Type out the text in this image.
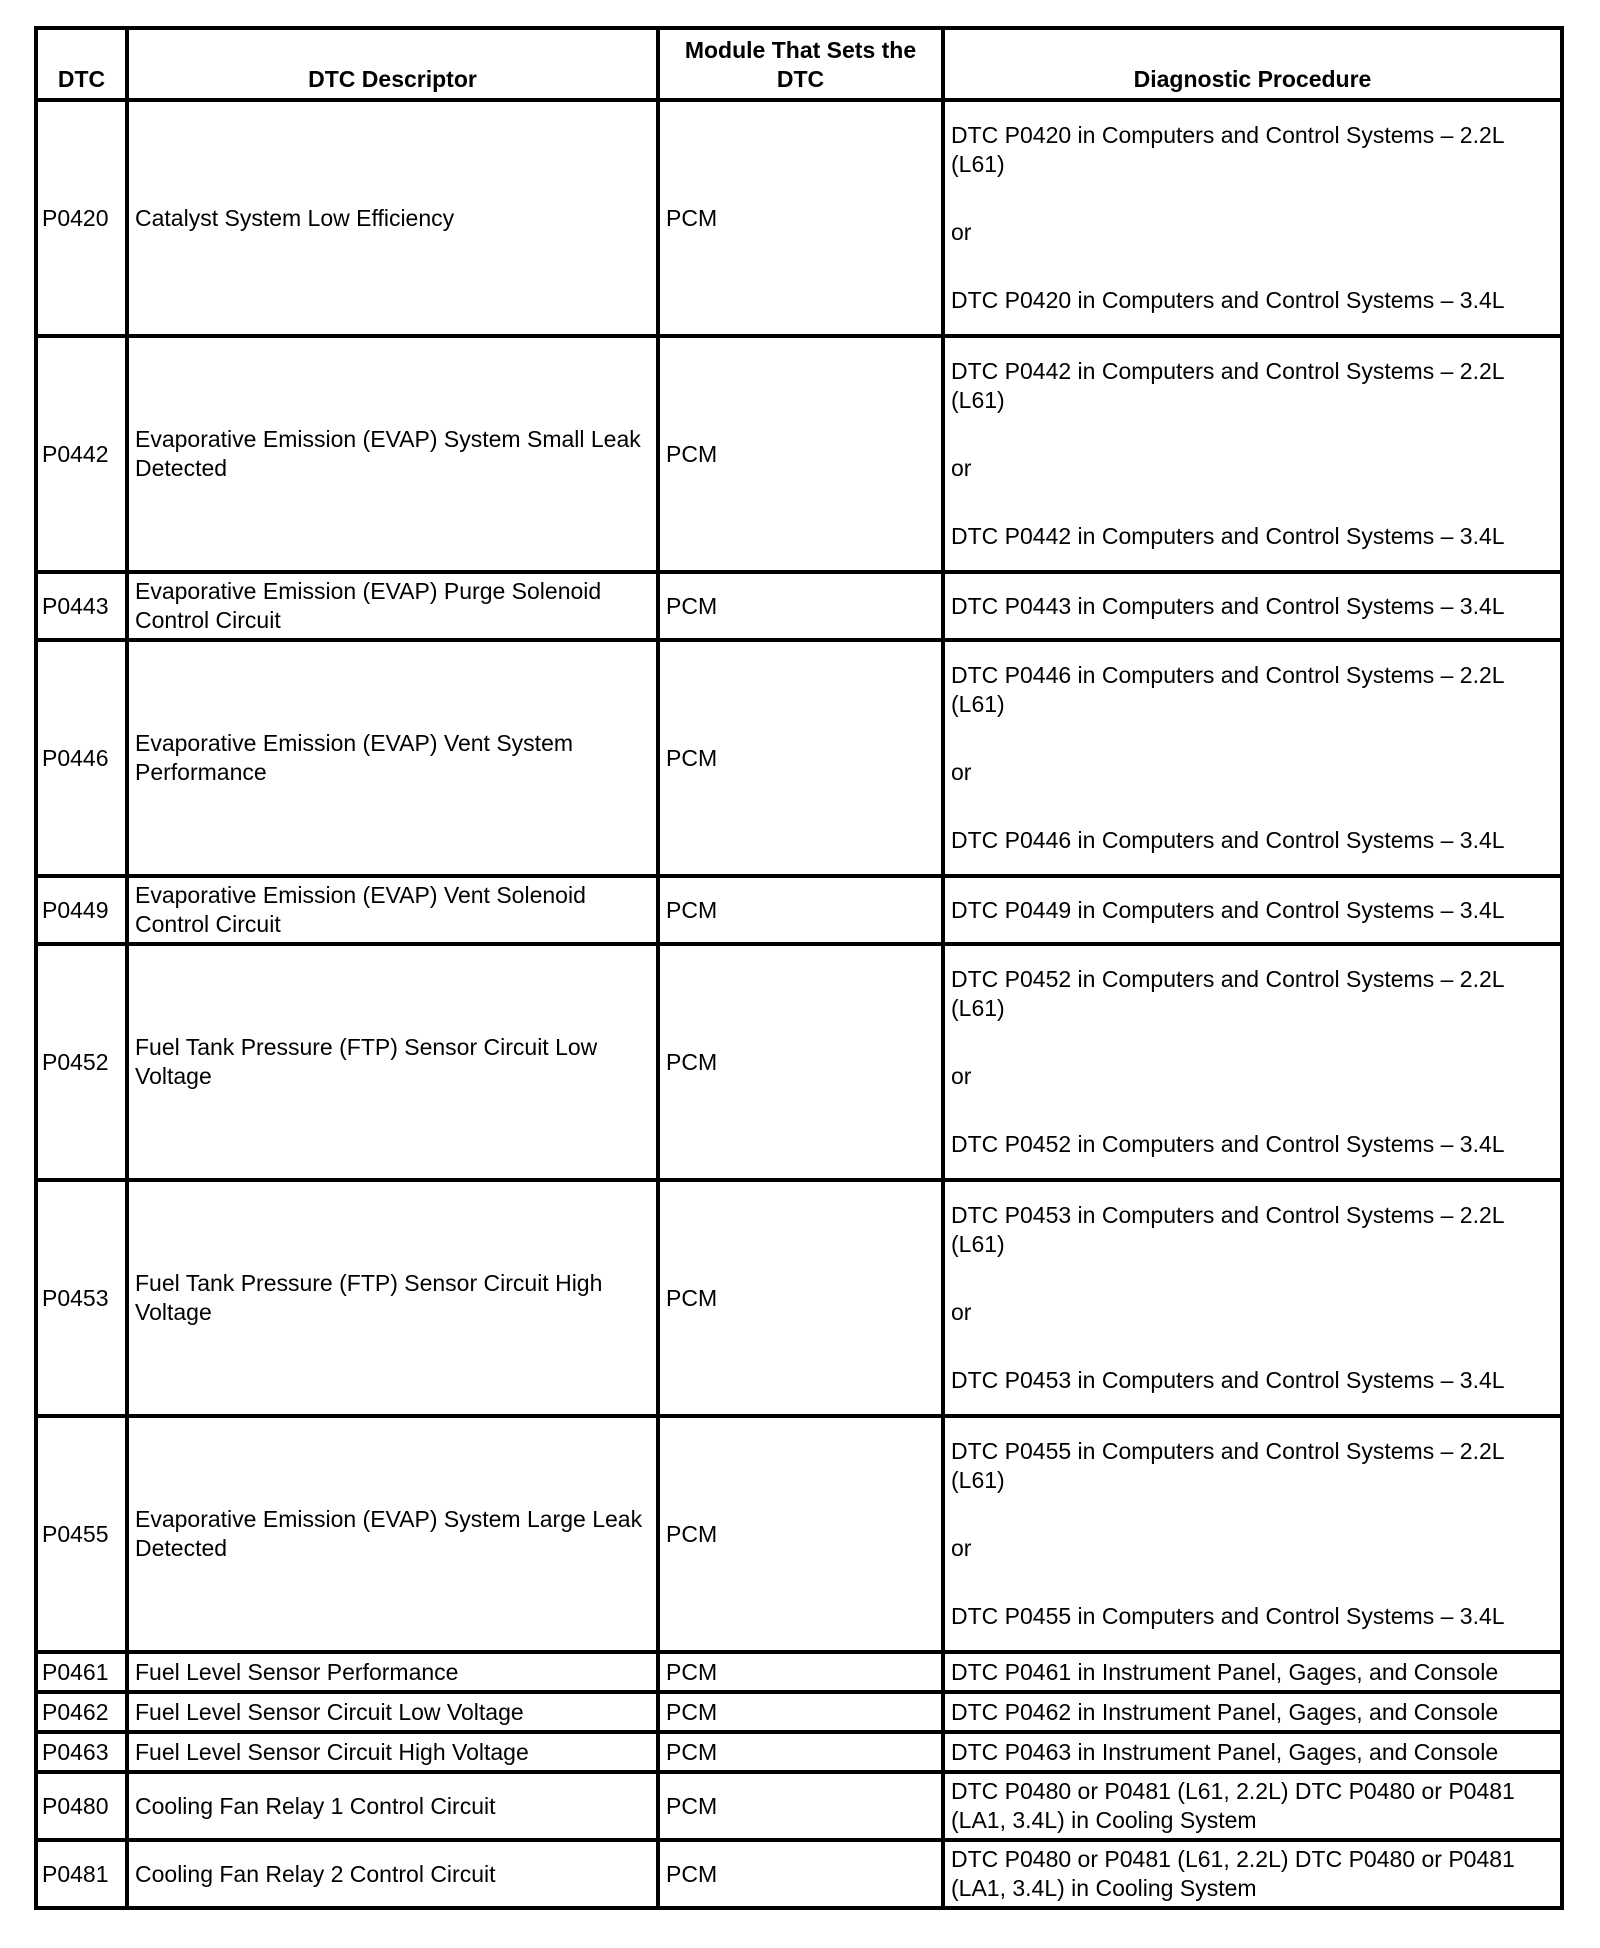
DTC	DTC Descriptor	Module That Sets the DTC	Diagnostic Procedure
P0420	Catalyst System Low Efficiency	PCM	DTC P0420 in Computers and Control Systems – 2.2L (L61)
or
DTC P0420 in Computers and Control Systems – 3.4L

P0442	Evaporative Emission (EVAP) System Small Leak Detected	PCM	DTC P0442 in Computers and Control Systems – 2.2L (L61)
or
DTC P0442 in Computers and Control Systems – 3.4L

P0443	Evaporative Emission (EVAP) Purge Solenoid Control Circuit	PCM	DTC P0443 in Computers and Control Systems – 3.4L

P0446	Evaporative Emission (EVAP) Vent System Performance	PCM	DTC P0446 in Computers and Control Systems – 2.2L (L61)
or
DTC P0446 in Computers and Control Systems – 3.4L

P0449	Evaporative Emission (EVAP) Vent Solenoid Control Circuit	PCM	DTC P0449 in Computers and Control Systems – 3.4L

P0452	Fuel Tank Pressure (FTP) Sensor Circuit Low Voltage	PCM	DTC P0452 in Computers and Control Systems – 2.2L (L61)
or
DTC P0452 in Computers and Control Systems – 3.4L

P0453	Fuel Tank Pressure (FTP) Sensor Circuit High Voltage	PCM	DTC P0453 in Computers and Control Systems – 2.2L (L61)
or
DTC P0453 in Computers and Control Systems – 3.4L

P0455	Evaporative Emission (EVAP) System Large Leak Detected	PCM	DTC P0455 in Computers and Control Systems – 2.2L (L61)
or
DTC P0455 in Computers and Control Systems – 3.4L

P0461	Fuel Level Sensor Performance	PCM	DTC P0461 in Instrument Panel, Gages, and Console

P0462	Fuel Level Sensor Circuit Low Voltage	PCM	DTC P0462 in Instrument Panel, Gages, and Console

P0463	Fuel Level Sensor Circuit High Voltage	PCM	DTC P0463 in Instrument Panel, Gages, and Console

P0480	Cooling Fan Relay 1 Control Circuit	PCM	DTC P0480 or P0481 (L61, 2.2L) DTC P0480 or P0481 (LA1, 3.4L) in Cooling System

P0481	Cooling Fan Relay 2 Control Circuit	PCM	DTC P0480 or P0481 (L61, 2.2L) DTC P0480 or P0481 (LA1, 3.4L) in Cooling System
